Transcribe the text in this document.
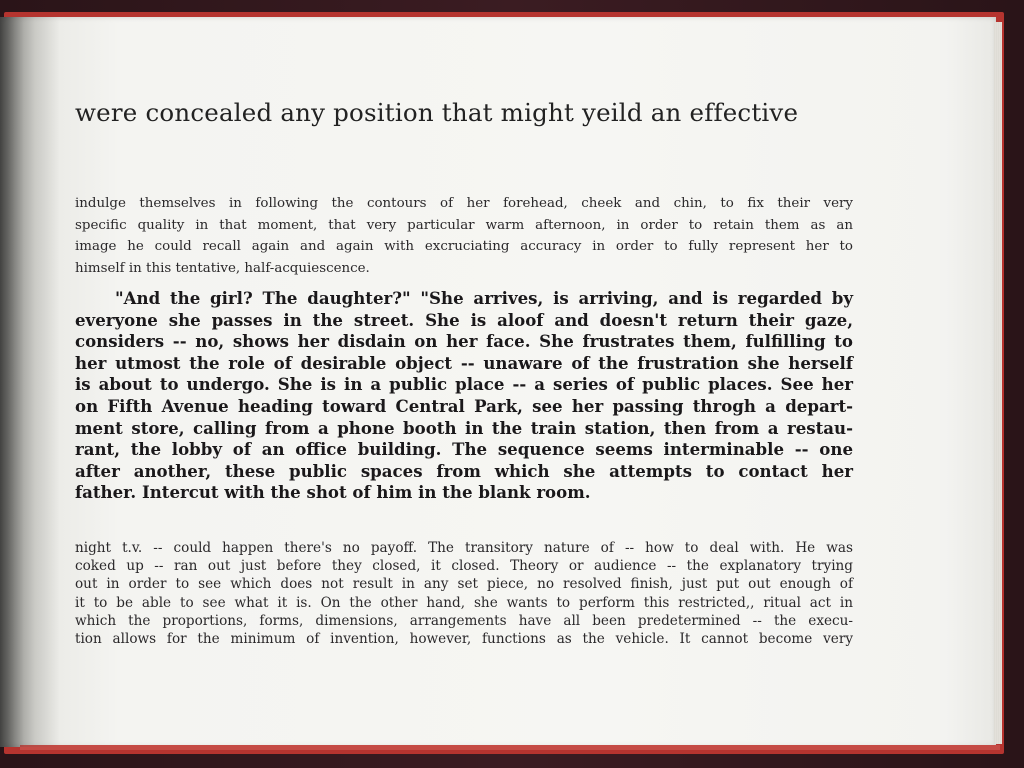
were concealed any position that might yeild an effective
indulge themselves in following the contours of her forehead, cheek and chin, to fix their very
specific quality in that moment, that very particular warm afternoon, in order to retain them as an
image he could recall again and again with excruciating accuracy in order to fully represent her to
himself in this tentative, half-acquiescence.
"And the girl? The daughter?" "She arrives, is arriving, and is regarded by
everyone she passes in the street. She is aloof and doesn't return their gaze,
considers -- no, shows her disdain on her face. She frustrates them, fulfilling to
her utmost the role of desirable object -- unaware of the frustration she herself
is about to undergo. She is in a public place -- a series of public places. See her
on Fifth Avenue heading toward Central Park, see her passing throgh a depart-
ment store, calling from a phone booth in the train station, then from a restau-
rant, the lobby of an office building. The sequence seems interminable -- one
after another, these public spaces from which she attempts to contact her
father. Intercut with the shot of him in the blank room.
night t.v. -- could happen there's no payoff. The transitory nature of -- how to deal with. He was
coked up -- ran out just before they closed, it closed. Theory or audience -- the explanatory trying
out in order to see which does not result in any set piece, no resolved finish, just put out enough of
it to be able to see what it is. On the other hand, she wants to perform this restricted,, ritual act in
which the proportions, forms, dimensions, arrangements have all been predetermined -- the execu-
tion allows for the minimum of invention, however, functions as the vehicle. It cannot become very
